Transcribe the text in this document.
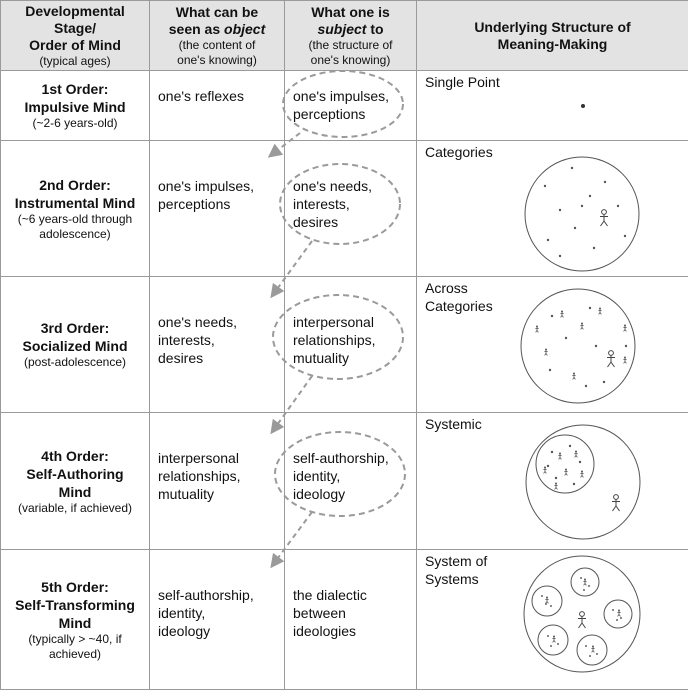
Developmental
Stage/
Order of Mind
(typical ages)	What can be
seen as object
(the content of
one's knowing)	What one is
subject to
(the structure of
one's knowing)	Underlying Structure of
Meaning-Making

1st Order:
Impulsive Mind
(~2-6 years-old)	one's reflexes	one's impulses,
perceptions	Single Point

2nd Order:
Instrumental Mind
(~6 years-old through
adolescence)	one's impulses,
perceptions	one's needs,
interests,
desires	Categories

3rd Order:
Socialized Mind
(post-adolescence)	one's needs,
interests,
desires	interpersonal
relationships,
mutuality	Across
Categories

4th Order:
Self-Authoring
Mind
(variable, if achieved)	interpersonal
relationships,
mutuality	self-authorship,
identity,
ideology	Systemic

5th Order:
Self-Transforming
Mind
(typically > ~40, if
achieved)	self-authorship,
identity,
ideology	the dialectic
between
ideologies	System of
Systems
